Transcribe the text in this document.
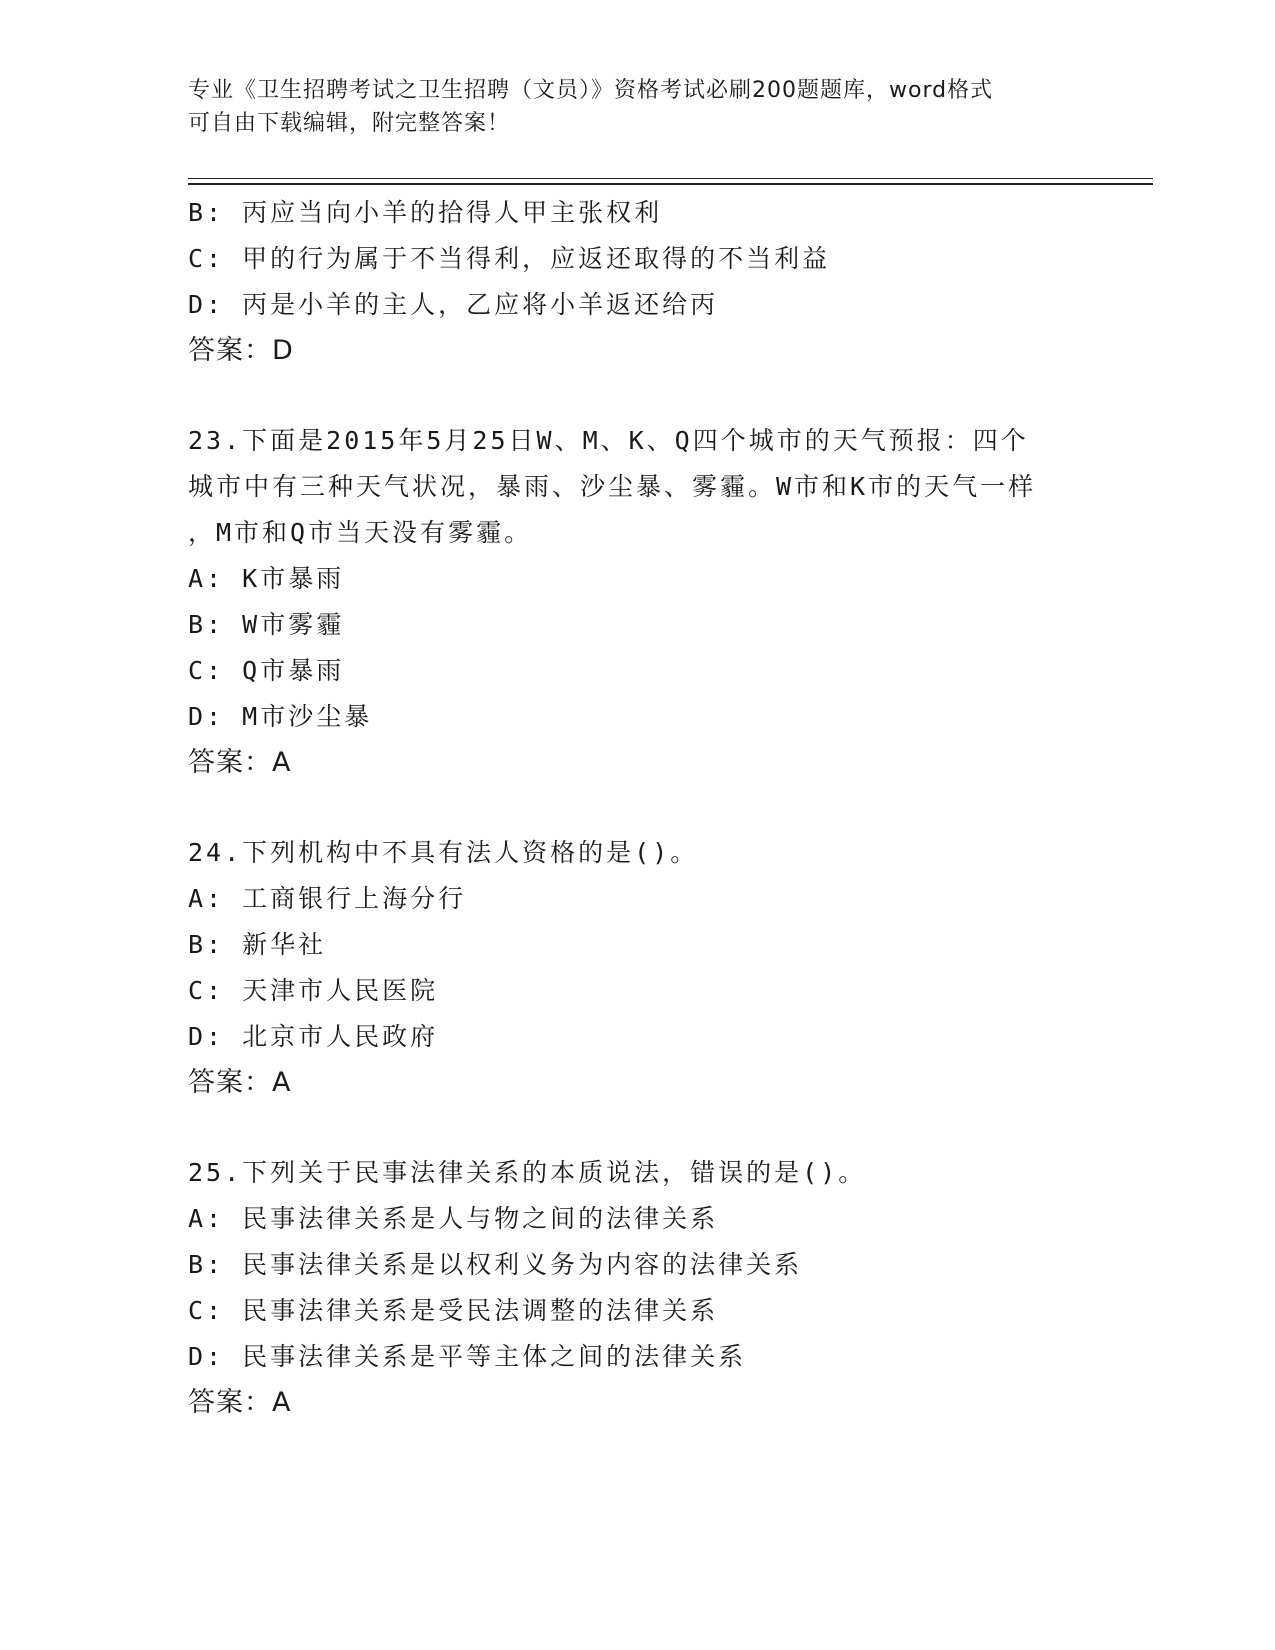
专业《卫生招聘考试之卫生招聘（文员）》资格考试必刷200题题库，word格式
可自由下载编辑，附完整答案！
B: 丙应当向小羊的拾得人甲主张权利
C: 甲的行为属于不当得利，应返还取得的不当利益
D: 丙是小羊的主人，乙应将小羊返还给丙
答案：D
23.下面是2015年5月25日W、M、K、Q四个城市的天气预报：四个
城市中有三种天气状况，暴雨、沙尘暴、雾霾。W市和K市的天气一样
，M市和Q市当天没有雾霾。
A: K市暴雨
B: W市雾霾
C: Q市暴雨
D: M市沙尘暴
答案：A
24.下列机构中不具有法人资格的是()。
A: 工商银行上海分行
B: 新华社
C: 天津市人民医院
D: 北京市人民政府
答案：A
25.下列关于民事法律关系的本质说法，错误的是()。
A: 民事法律关系是人与物之间的法律关系
B: 民事法律关系是以权利义务为内容的法律关系
C: 民事法律关系是受民法调整的法律关系
D: 民事法律关系是平等主体之间的法律关系
答案：A
